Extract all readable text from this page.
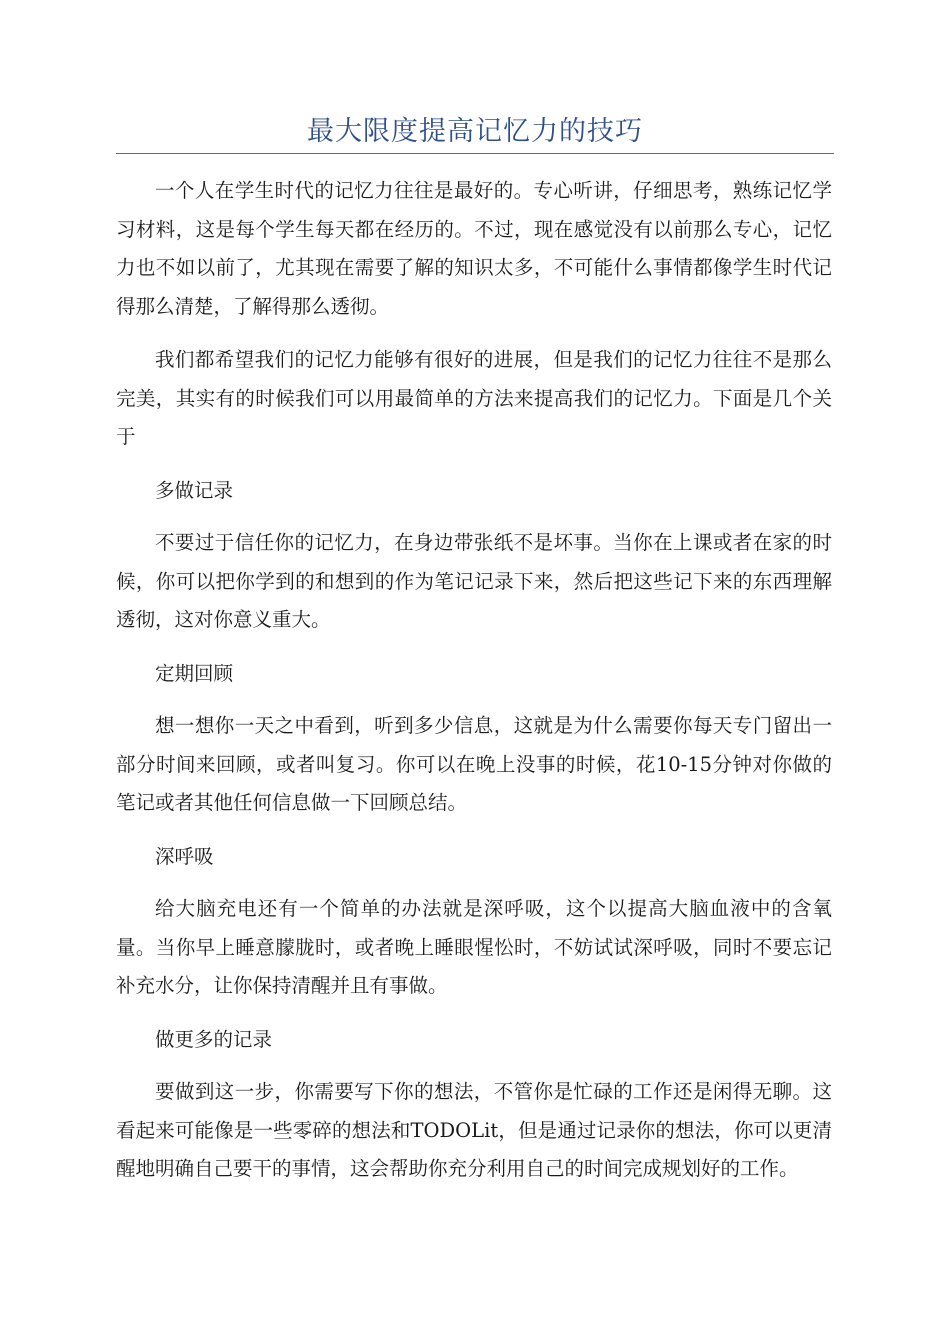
最大限度提高记忆力的技巧

一个人在学生时代的记忆力往往是最好的。专心听讲，仔细思考，熟练记忆学习材料，这是每个学生每天都在经历的。不过，现在感觉没有以前那么专心，记忆力也不如以前了，尤其现在需要了解的知识太多，不可能什么事情都像学生时代记得那么清楚，了解得那么透彻。

我们都希望我们的记忆力能够有很好的进展，但是我们的记忆力往往不是那么完美，其实有的时候我们可以用最简单的方法来提高我们的记忆力。下面是几个关于

多做记录

不要过于信任你的记忆力，在身边带张纸不是坏事。当你在上课或者在家的时候，你可以把你学到的和想到的作为笔记记录下来，然后把这些记下来的东西理解透彻，这对你意义重大。

定期回顾

想一想你一天之中看到，听到多少信息，这就是为什么需要你每天专门留出一部分时间来回顾，或者叫复习。你可以在晚上没事的时候，花10-15分钟对你做的笔记或者其他任何信息做一下回顾总结。

深呼吸

给大脑充电还有一个简单的办法就是深呼吸，这个以提高大脑血液中的含氧量。当你早上睡意朦胧时，或者晚上睡眼惺忪时，不妨试试深呼吸，同时不要忘记补充水分，让你保持清醒并且有事做。

做更多的记录

要做到这一步，你需要写下你的想法，不管你是忙碌的工作还是闲得无聊。这看起来可能像是一些零碎的想法和TODOLit，但是通过记录你的想法，你可以更清醒地明确自己要干的事情，这会帮助你充分利用自己的时间完成规划好的工作。
